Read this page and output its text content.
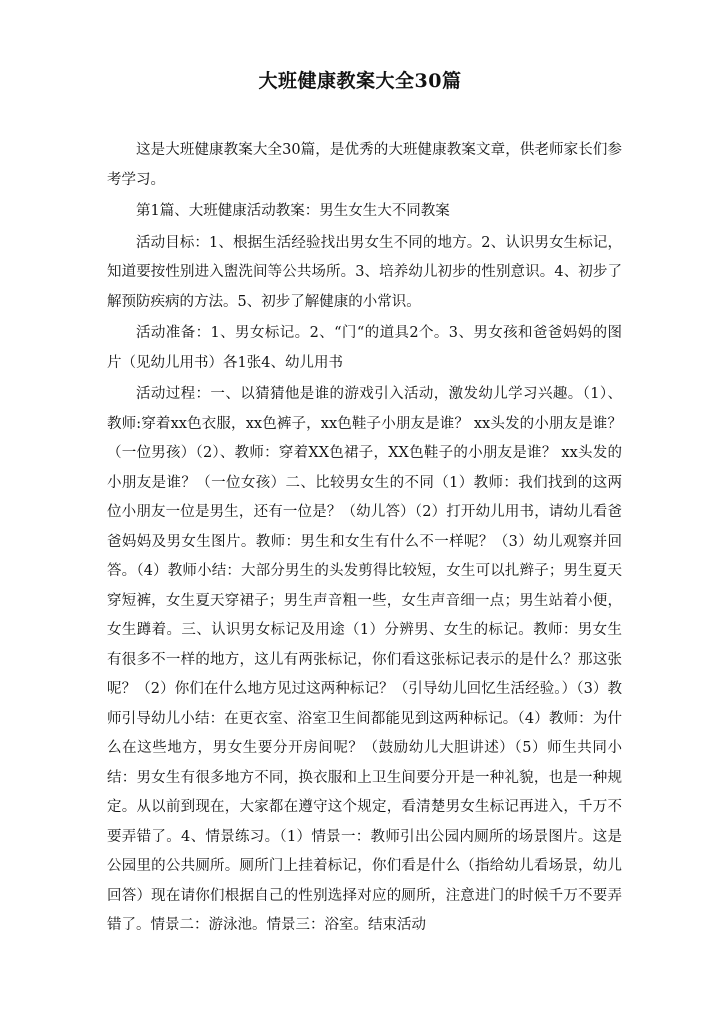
大班健康教案大全30篇

这是大班健康教案大全30篇，是优秀的大班健康教案文章，供老师家长们参考学习。

第1篇、大班健康活动教案：男生女生大不同教案

活动目标：1、根据生活经验找出男女生不同的地方。2、认识男女生标记，知道要按性别进入盥洗间等公共场所。3、培养幼儿初步的性别意识。4、初步了解预防疾病的方法。5、初步了解健康的小常识。

活动准备：1、男女标记。2、“门“的道具2个。3、男女孩和爸爸妈妈的图片（见幼儿用书）各1张4、幼儿用书

活动过程：一、以猜猜他是谁的游戏引入活动，激发幼儿学习兴趣。（1）、教师:穿着xx色衣服，xx色裤子，xx色鞋子小朋友是谁？ xx头发的小朋友是谁？（一位男孩）（2）、教师：穿着XX色裙子，XX色鞋子的小朋友是谁？ xx头发的小朋友是谁？（一位女孩）二、比较男女生的不同（1）教师：我们找到的这两位小朋友一位是男生，还有一位是？（幼儿答）（2）打开幼儿用书，请幼儿看爸爸妈妈及男女生图片。教师：男生和女生有什么不一样呢？（3）幼儿观察并回答。（4）教师小结：大部分男生的头发剪得比较短，女生可以扎辫子；男生夏天穿短裤，女生夏天穿裙子；男生声音粗一些，女生声音细一点；男生站着小便，女生蹲着。三、认识男女标记及用途（1）分辨男、女生的标记。教师：男女生有很多不一样的地方，这儿有两张标记，你们看这张标记表示的是什么？那这张呢？（2）你们在什么地方见过这两种标记？（引导幼儿回忆生活经验。）（3）教师引导幼儿小结：在更衣室、浴室卫生间都能见到这两种标记。（4）教师：为什么在这些地方，男女生要分开房间呢？（鼓励幼儿大胆讲述）（5）师生共同小结：男女生有很多地方不同，换衣服和上卫生间要分开是一种礼貌，也是一种规定。从以前到现在，大家都在遵守这个规定，看清楚男女生标记再进入，千万不要弄错了。4、情景练习。（1）情景一：教师引出公园内厕所的场景图片。这是公园里的公共厕所。厕所门上挂着标记，你们看是什么（指给幼儿看场景，幼儿回答）现在请你们根据自己的性别选择对应的厕所，注意进门的时候千万不要弄错了。情景二：游泳池。情景三：浴室。结束活动
